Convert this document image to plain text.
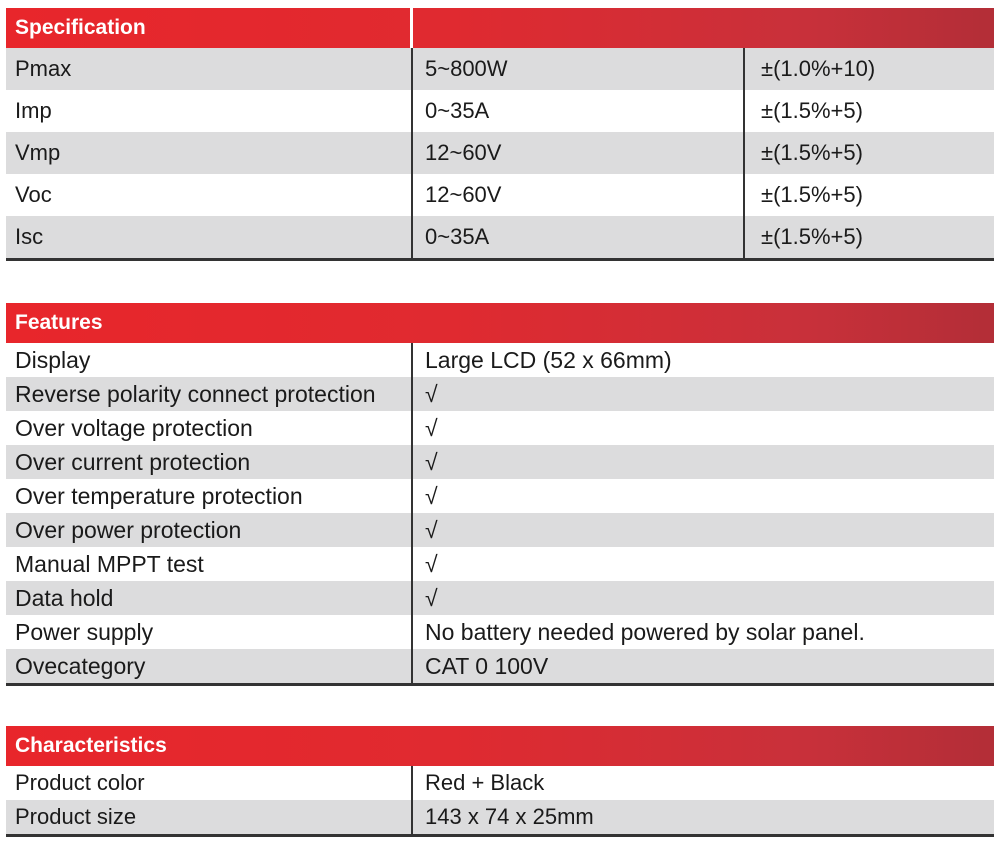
Specification
Pmax	5~800W	±(1.0%+10)
Imp	0~35A	±(1.5%+5)
Vmp	12~60V	±(1.5%+5)
Voc	12~60V	±(1.5%+5)
Isc	0~35A	±(1.5%+5)
Features
Display	Large LCD (52 x 66mm)
Reverse polarity connect protection	√
Over voltage protection	√
Over current protection	√
Over temperature protection	√
Over power protection	√
Manual MPPT test	√
Data hold	√
Power supply	No battery needed powered by solar panel.
Ovecategory	CAT 0 100V
Characteristics
Product color	Red + Black
Product size	143 x 74 x 25mm
